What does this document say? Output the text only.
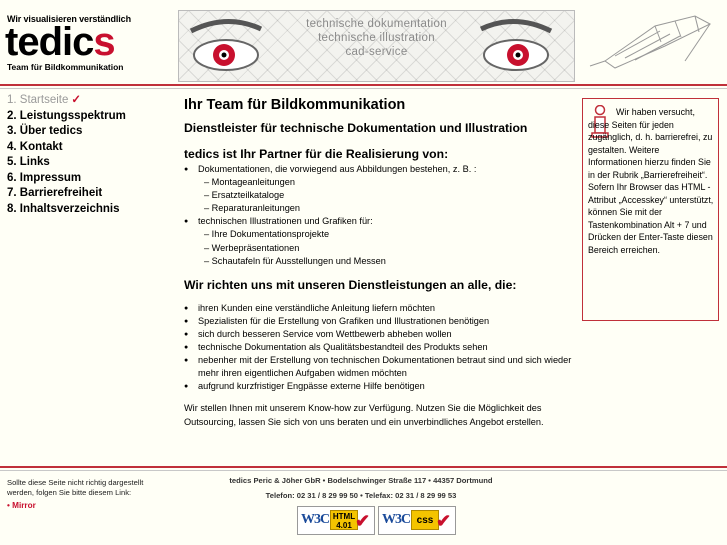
Wir visualisieren verständlich
tedics
Team für Bildkommunikation
technische dokumentation
technische illustration
cad-service
1. Startseite ✓
2. Leistungsspektrum
3. Über tedics
4. Kontakt
5. Links
6. Impressum
7. Barrierefreiheit
8. Inhaltsverzeichnis
Ihr Team für Bildkommunikation
Dienstleister für technische Dokumentation und Illustration
tedics ist Ihr Partner für die Realisierung von:
● Dokumentationen, die vorwiegend aus Abbildungen bestehen, z. B. :
– Montageanleitungen
– Ersatzteilkataloge
– Reparaturanleitungen
● technischen Illustrationen und Grafiken für:
– Ihre Dokumentationsprojekte
– Werbepräsentationen
– Schautafeln für Ausstellungen und Messen
Wir richten uns mit unseren Dienstleistungen an alle, die:
● ihren Kunden eine verständliche Anleitung liefern möchten
● Spezialisten für die Erstellung von Grafiken und Illustrationen benötigen
● sich durch besseren Service vom Wettbewerb abheben wollen
● technische Dokumentation als Qualitätsbestandteil des Produkts sehen
● nebenher mit der Erstellung von technischen Dokumentationen betraut sind und sich wieder mehr ihren eigentlichen Aufgaben widmen möchten
● aufgrund kurzfristiger Engpässe externe Hilfe benötigen
Wir stellen Ihnen mit unserem Know-how zur Verfügung. Nutzen Sie die Möglichkeit des Outsourcing, lassen Sie sich von uns beraten und ein unverbindliches Angebot erstellen.
Wir haben versucht, diese Seiten für jeden zugänglich, d. h. barrierefrei, zu gestalten. Weitere Informationen hierzu finden Sie in der Rubrik „Barrierefreiheit“. Sofern Ihr Browser das HTML - Attribut „Accesskey“ unterstützt, können Sie mit der Tastenkombination Alt + 7 und Drücken der Enter-Taste diesen Bereich erreichen.
Sollte diese Seite nicht richtig dargestellt werden, folgen Sie bitte diesem Link:
• Mirror
tedics Peric & Jöher GbR • Bodelschwinger Straße 117 • 44357 Dortmund
Telefon: 02 31 / 8 29 99 50 • Telefax: 02 31 / 8 29 99 53
W3C HTML
4.01 ✔ W3C css ✔
